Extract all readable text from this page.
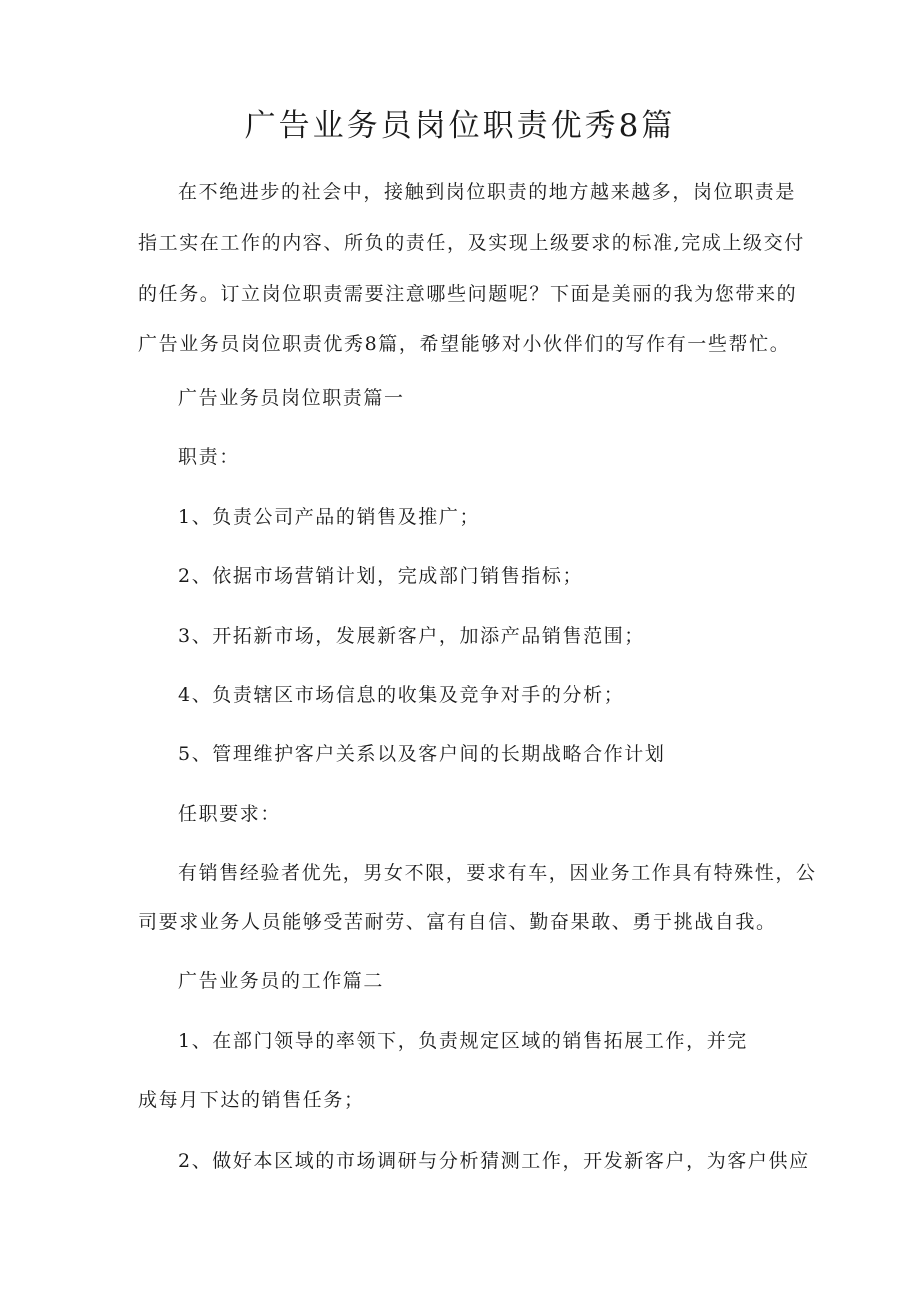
广告业务员岗位职责优秀8篇

在不绝进步的社会中，接触到岗位职责的地方越来越多，岗位职责是

指工实在工作的内容、所负的责任，及实现上级要求的标准,完成上级交付

的任务。订立岗位职责需要注意哪些问题呢？下面是美丽的我为您带来的

广告业务员岗位职责优秀8篇，希望能够对小伙伴们的写作有一些帮忙。

广告业务员岗位职责篇一

职责：

1、负责公司产品的销售及推广；

2、依据市场营销计划，完成部门销售指标；

3、开拓新市场，发展新客户，加添产品销售范围；

4、负责辖区市场信息的收集及竞争对手的分析；

5、管理维护客户关系以及客户间的长期战略合作计划

任职要求：

有销售经验者优先，男女不限，要求有车，因业务工作具有特殊性，公

司要求业务人员能够受苦耐劳、富有自信、勤奋果敢、勇于挑战自我。

广告业务员的工作篇二

1、在部门领导的率领下，负责规定区域的销售拓展工作，并完

成每月下达的销售任务；

2、做好本区域的市场调研与分析猜测工作，开发新客户，为客户供应
